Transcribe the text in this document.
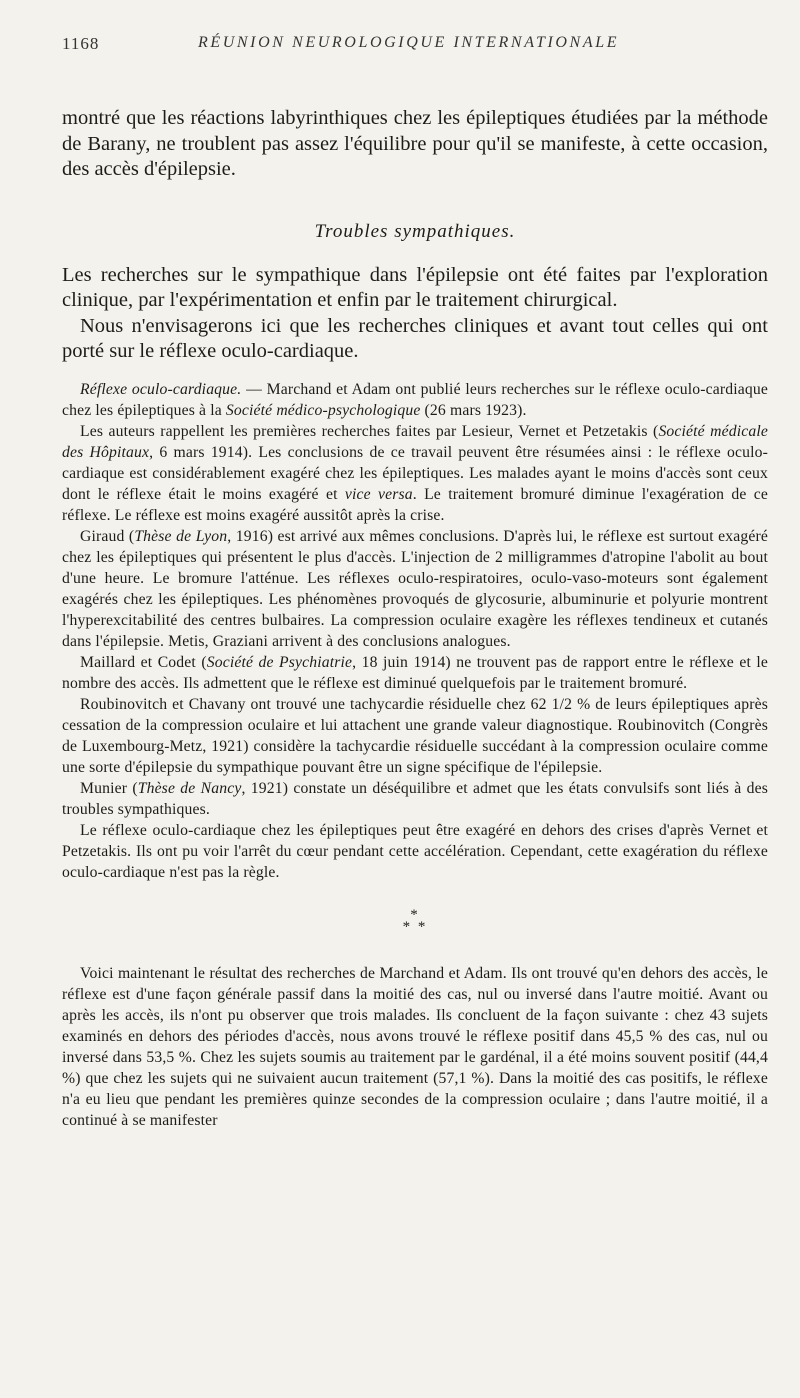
1168	RÉUNION NEUROLOGIQUE INTERNATIONALE

montré que les réactions labyrinthiques chez les épileptiques étudiées par la méthode de Barany, ne troublent pas assez l'équilibre pour qu'il se manifeste, à cette occasion, des accès d'épilepsie.

Troubles sympathiques.

Les recherches sur le sympathique dans l'épilepsie ont été faites par l'exploration clinique, par l'expérimentation et enfin par le traitement chirurgical.

Nous n'envisagerons ici que les recherches cliniques et avant tout celles qui ont porté sur le réflexe oculo-cardiaque.

Réflexe oculo-cardiaque. — Marchand et Adam ont publié leurs recherches sur le réflexe oculo-cardiaque chez les épileptiques à la Société médico-psychologique (26 mars 1923).

Les auteurs rappellent les premières recherches faites par Lesieur, Vernet et Petzetakis (Société médicale des Hôpitaux, 6 mars 1914). Les conclusions de ce travail peuvent être résumées ainsi : le réflexe oculo-cardiaque est considérablement exagéré chez les épileptiques. Les malades ayant le moins d'accès sont ceux dont le réflexe était le moins exagéré et vice versa. Le traitement bromuré diminue l'exagération de ce réflexe. Le réflexe est moins exagéré aussitôt après la crise.

Giraud (Thèse de Lyon, 1916) est arrivé aux mêmes conclusions. D'après lui, le réflexe est surtout exagéré chez les épileptiques qui présentent le plus d'accès. L'injection de 2 milligrammes d'atropine l'abolit au bout d'une heure. Le bromure l'atténue. Les réflexes oculo-respiratoires, oculo-vaso-moteurs sont également exagérés chez les épileptiques. Les phénomènes provoqués de glycosurie, albuminurie et polyurie montrent l'hyperexcitabilité des centres bulbaires. La compression oculaire exagère les réflexes tendineux et cutanés dans l'épilepsie. Metis, Graziani arrivent à des conclusions analogues.

Maillard et Codet (Société de Psychiatrie, 18 juin 1914) ne trouvent pas de rapport entre le réflexe et le nombre des accès. Ils admettent que le réflexe est diminué quelquefois par le traitement bromuré.

Roubinovitch et Chavany ont trouvé une tachycardie résiduelle chez 62 1/2 % de leurs épileptiques après cessation de la compression oculaire et lui attachent une grande valeur diagnostique. Roubinovitch (Congrès de Luxembourg-Metz, 1921) considère la tachycardie résiduelle succédant à la compression oculaire comme une sorte d'épilepsie du sympathique pouvant être un signe spécifique de l'épilepsie.

Munier (Thèse de Nancy, 1921) constate un déséquilibre et admet que les états convulsifs sont liés à des troubles sympathiques.

Le réflexe oculo-cardiaque chez les épileptiques peut être exagéré en dehors des crises d'après Vernet et Petzetakis. Ils ont pu voir l'arrêt du cœur pendant cette accélération. Cependant, cette exagération du réflexe oculo-cardiaque n'est pas la règle.

*
* *

Voici maintenant le résultat des recherches de Marchand et Adam. Ils ont trouvé qu'en dehors des accès, le réflexe est d'une façon générale passif dans la moitié des cas, nul ou inversé dans l'autre moitié. Avant ou après les accès, ils n'ont pu observer que trois malades. Ils concluent de la façon suivante : chez 43 sujets examinés en dehors des périodes d'accès, nous avons trouvé le réflexe positif dans 45,5 % des cas, nul ou inversé dans 53,5 %. Chez les sujets soumis au traitement par le gardénal, il a été moins souvent positif (44,4 %) que chez les sujets qui ne suivaient aucun traitement (57,1 %). Dans la moitié des cas positifs, le réflexe n'a eu lieu que pendant les premières quinze secondes de la compression oculaire ; dans l'autre moitié, il a continué à se manifester
